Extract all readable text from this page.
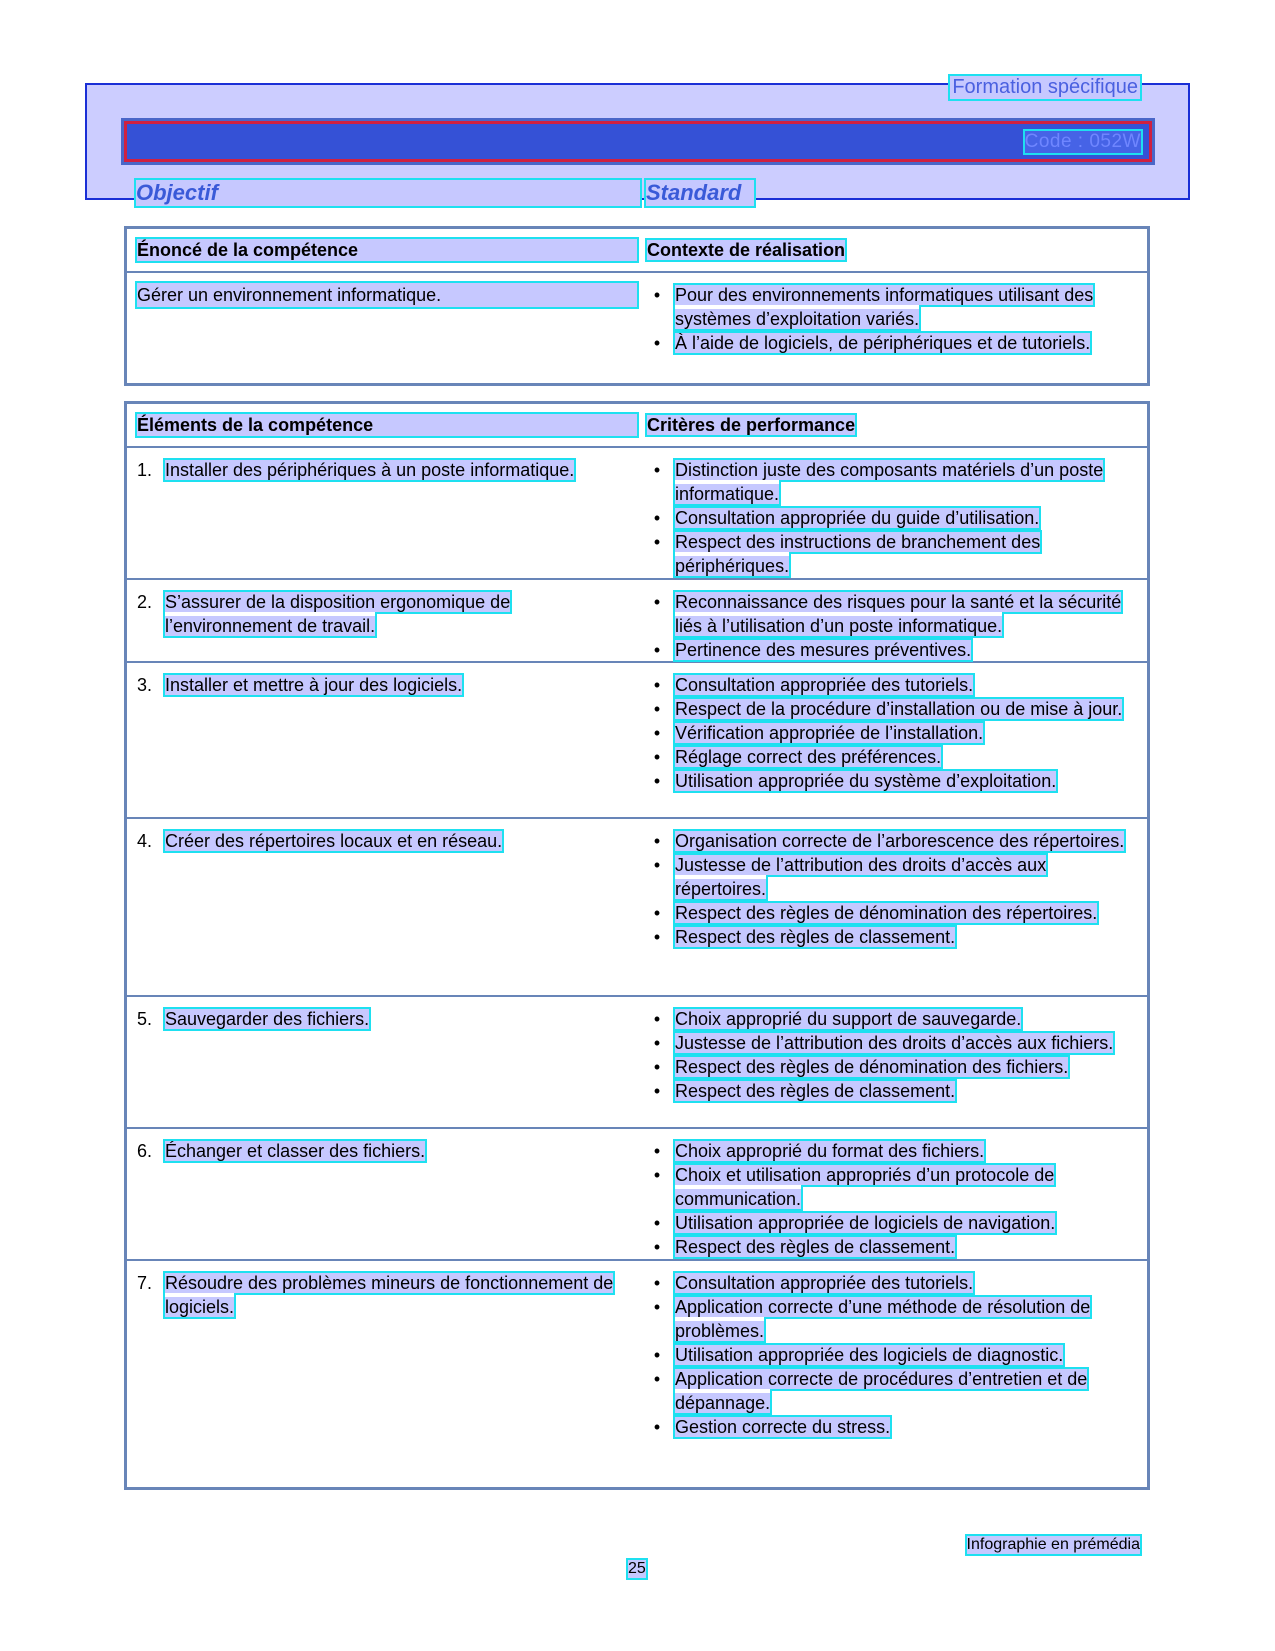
Formation spécifique
Code : 052W
Objectif	Standard
Énoncé de la compétence	Contexte de réalisation
Gérer un environnement informatique.	• Pour des environnements informatiques utilisant des systèmes d’exploitation variés.
• À l’aide de logiciels, de périphériques et de tutoriels.
Éléments de la compétence	Critères de performance
1. Installer des périphériques à un poste informatique.	• Distinction juste des composants matériels d’un poste informatique.
• Consultation appropriée du guide d’utilisation.
• Respect des instructions de branchement des périphériques.
2. S’assurer de la disposition ergonomique de l’environnement de travail.
• Reconnaissance des risques pour la santé et la sécurité liés à l’utilisation d’un poste informatique.
• Pertinence des mesures préventives.
3. Installer et mettre à jour des logiciels.	• Consultation appropriée des tutoriels.
• Respect de la procédure d’installation ou de mise à jour.
• Vérification appropriée de l’installation.
• Réglage correct des préférences.
• Utilisation appropriée du système d’exploitation.
4. Créer des répertoires locaux et en réseau.	• Organisation correcte de l’arborescence des répertoires.
• Justesse de l’attribution des droits d’accès aux répertoires.
• Respect des règles de dénomination des répertoires.
• Respect des règles de classement.
5. Sauvegarder des fichiers.	• Choix approprié du support de sauvegarde.
• Justesse de l’attribution des droits d’accès aux fichiers.
• Respect des règles de dénomination des fichiers.
• Respect des règles de classement.
6. Échanger et classer des fichiers.	• Choix approprié du format des fichiers.
• Choix et utilisation appropriés d’un protocole de communication.
• Utilisation appropriée de logiciels de navigation.
• Respect des règles de classement.
7. Résoudre des problèmes mineurs de fonctionnement de logiciels.
• Consultation appropriée des tutoriels.
• Application correcte d’une méthode de résolution de problèmes.
• Utilisation appropriée des logiciels de diagnostic.
• Application correcte de procédures d’entretien et de dépannage.
• Gestion correcte du stress.
Infographie en prémédia
25
